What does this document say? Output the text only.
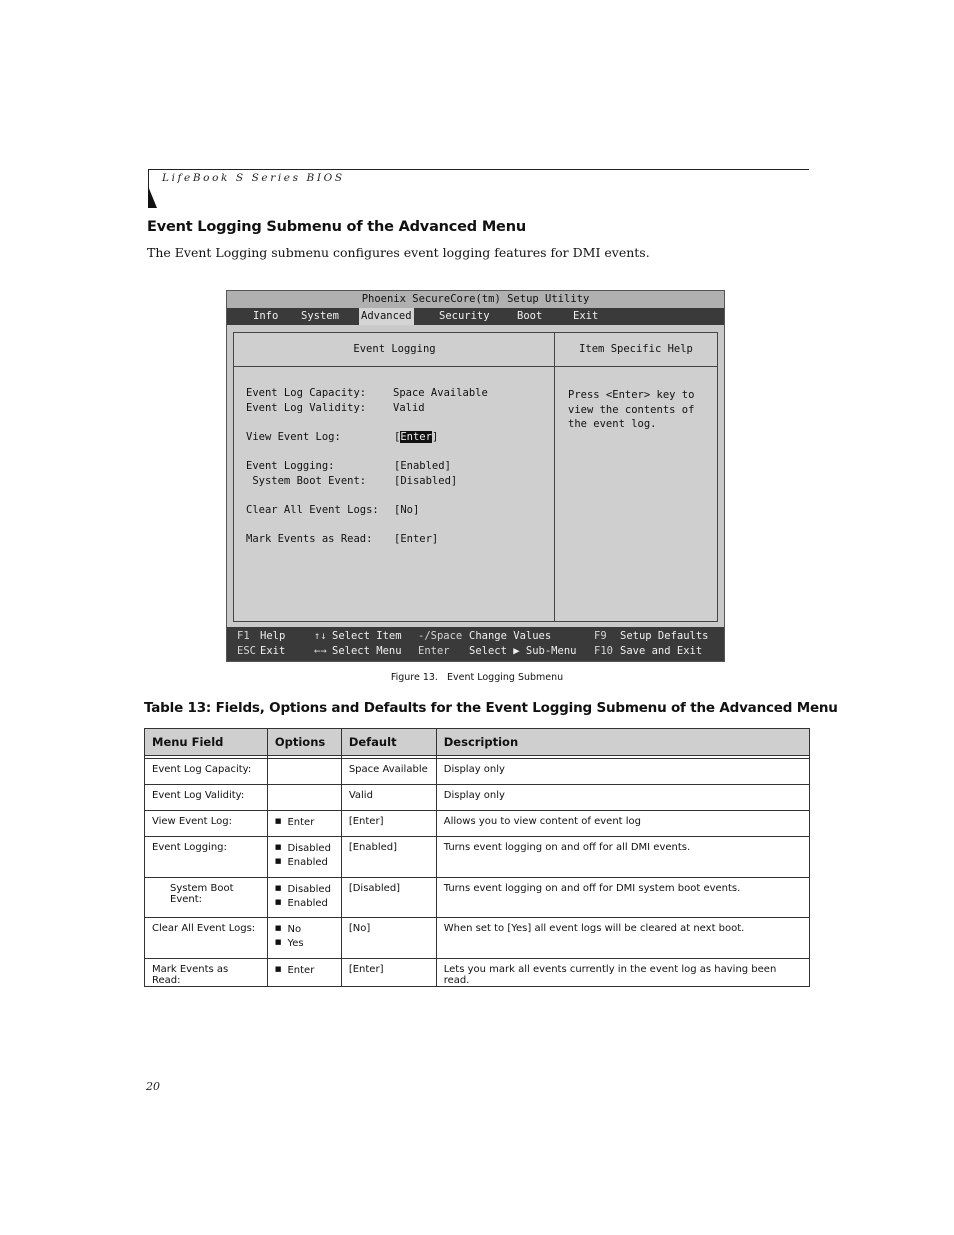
LifeBook S Series BIOS
Event Logging Submenu of the Advanced Menu
The Event Logging submenu configures event logging features for DMI events.
Phoenix SecureCore(tm) Setup Utility
Info System Advanced	Security	Boot	Exit
Event Logging
Event Log Capacity:	Space Available
Event Log Validity:	Valid
View Event Log:	[Enter]
Event Logging:	[Enabled]
System Boot Event:	[Disabled]
Clear All Event Logs: [No]
Mark Events as Read: [Enter]
Item Specific Help
Press <Enter> key to
view the contents of
the event log.
F1 Help	↑↓ Select Item -/Space Change Values	F9 Setup Defaults
ESC Exit	←→ Select Menu Enter Select ▶ Sub-Menu F10 Save and Exit
Figure 13.   Event Logging Submenu
Table 13: Fields, Options and Defaults for the Event Logging Submenu of the Advanced Menu
Menu Field	Options	Default	Description

Event Log Capacity:		Space Available	Display only
Event Log Validity:		Valid	Display only
View Event Log:	■ Enter	[Enter]	Allows you to view content of event log
Event Logging:	■ Disabled
■ Enabled	[Enabled]	Turns event logging on and off for all DMI events.
System Boot Event:	■ Disabled
■ Enabled	[Disabled]	Turns event logging on and off for DMI system boot events.
Clear All Event Logs:	■ No
■ Yes	[No]	When set to [Yes] all event logs will be cleared at next boot.
Mark Events as Read:	■ Enter	[Enter]	Lets you mark all events currently in the event log as having been read.
20
